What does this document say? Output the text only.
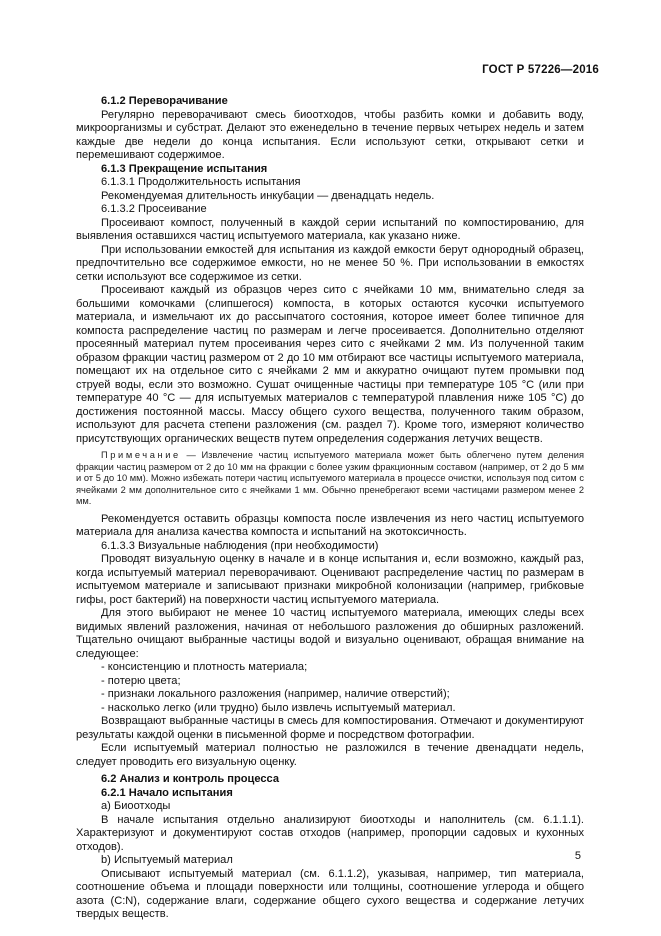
ГОСТ Р 57226—2016

6.1.2 Переворачивание

Регулярно переворачивают смесь биоотходов, чтобы разбить комки и добавить воду, микроорганизмы и субстрат. Делают это еженедельно в течение первых четырех недель и затем каждые две недели до конца испытания. Если используют сетки, открывают сетки и перемешивают содержимое.

6.1.3 Прекращение испытания

6.1.3.1 Продолжительность испытания

Рекомендуемая длительность инкубации — двенадцать недель.

6.1.3.2 Просеивание

Просеивают компост, полученный в каждой серии испытаний по компостированию, для выявления оставшихся частиц испытуемого материала, как указано ниже.

При использовании емкостей для испытания из каждой емкости берут однородный образец, предпочтительно все содержимое емкости, но не менее 50 %. При использовании в емкостях сетки используют все содержимое из сетки.

Просеивают каждый из образцов через сито с ячейками 10 мм, внимательно следя за большими комочками (слипшегося) компоста, в которых остаются кусочки испытуемого материала, и измельчают их до рассыпчатого состояния, которое имеет более типичное для компоста распределение частиц по размерам и легче просеивается. Дополнительно отделяют просеянный материал путем просеивания через сито с ячейками 2 мм. Из полученной таким образом фракции частиц размером от 2 до 10 мм отбирают все частицы испытуемого материала, помещают их на отдельное сито с ячейками 2 мм и аккуратно очищают путем промывки под струей воды, если это возможно. Сушат очищенные частицы при температуре 105 °С (или при температуре 40 °С — для испытуемых материалов с температурой плавления ниже 105 °С) до достижения постоянной массы. Массу общего сухого вещества, полученного таким образом, используют для расчета степени разложения (см. раздел 7). Кроме того, измеряют количество присутствующих органических веществ путем определения содержания летучих веществ.

Примечание — Извлечение частиц испытуемого материала может быть облегчено путем деления фракции частиц размером от 2 до 10 мм на фракции с более узким фракционным составом (например, от 2 до 5 мм и от 5 до 10 мм). Можно избежать потери частиц испытуемого материала в процессе очистки, используя под ситом с ячейками 2 мм дополнительное сито с ячейками 1 мм. Обычно пренебрегают всеми частицами размером менее 2 мм.

Рекомендуется оставить образцы компоста после извлечения из него частиц испытуемого материала для анализа качества компоста и испытаний на экотоксичность.

6.1.3.3 Визуальные наблюдения (при необходимости)

Проводят визуальную оценку в начале и в конце испытания и, если возможно, каждый раз, когда испытуемый материал переворачивают. Оценивают распределение частиц по размерам в испытуемом материале и записывают признаки микробной колонизации (например, грибковые гифы, рост бактерий) на поверхности частиц испытуемого материала.

Для этого выбирают не менее 10 частиц испытуемого материала, имеющих следы всех видимых явлений разложения, начиная от небольшого разложения до обширных разложений. Тщательно очищают выбранные частицы водой и визуально оценивают, обращая внимание на следующее:

- консистенцию и плотность материала;

- потерю цвета;

- признаки локального разложения (например, наличие отверстий);

- насколько легко (или трудно) было извлечь испытуемый материал.

Возвращают выбранные частицы в смесь для компостирования. Отмечают и документируют результаты каждой оценки в письменной форме и посредством фотографии.

Если испытуемый материал полностью не разложился в течение двенадцати недель, следует проводить его визуальную оценку.

6.2 Анализ и контроль процесса

6.2.1 Начало испытания

a) Биоотходы

В начале испытания отдельно анализируют биоотходы и наполнитель (см. 6.1.1.1). Характеризуют и документируют состав отходов (например, пропорции садовых и кухонных отходов).

b) Испытуемый материал

Описывают испытуемый материал (см. 6.1.1.2), указывая, например, тип материала, соотношение объема и площади поверхности или толщины, соотношение углерода и общего азота (C:N), содержание влаги, содержание общего сухого вещества и содержание летучих твердых веществ.

5
